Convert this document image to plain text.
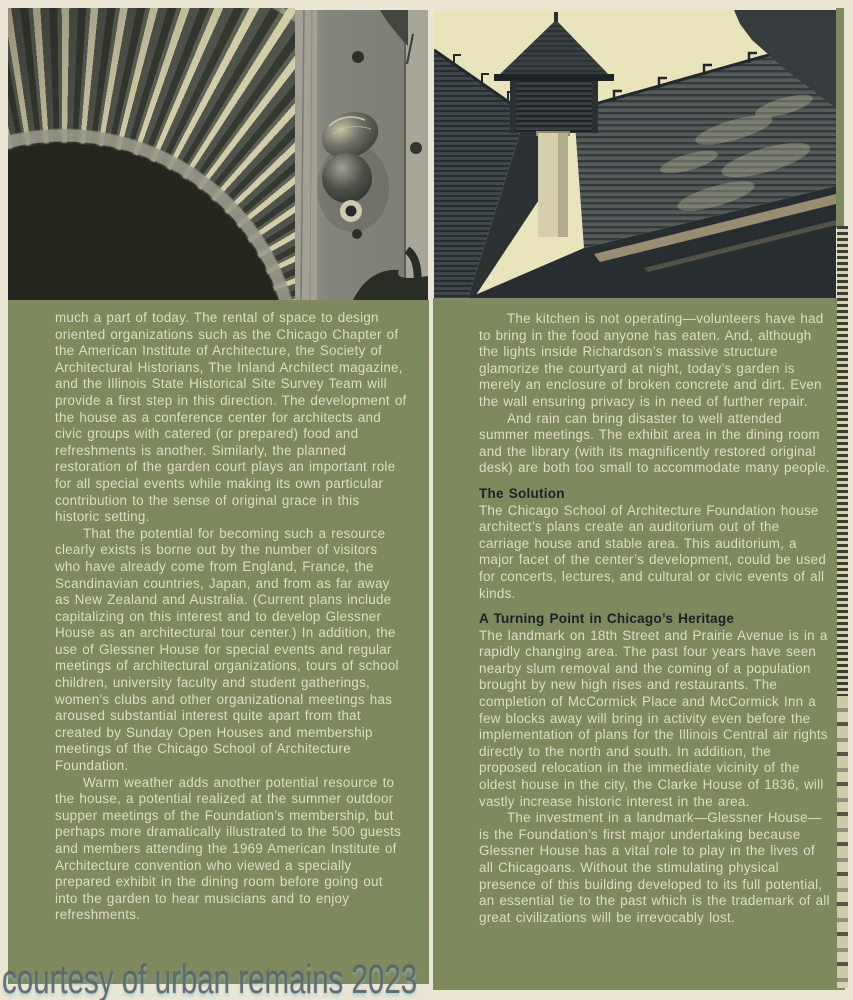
much a part of today. The rental of space to design oriented organizations such as the Chicago Chapter of the American Institute of Architecture, the Society of Architectural Historians, The Inland Architect magazine, and the Illinois State Historical Site Survey Team will provide a first step in this direction. The development of the house as a conference center for architects and civic groups with catered (or prepared) food and refreshments is another. Similarly, the planned restoration of the garden court plays an important role for all special events while making its own particular contribution to the sense of original grace in this historic setting.

That the potential for becoming such a resource clearly exists is borne out by the number of visitors who have already come from England, France, the Scandinavian countries, Japan, and from as far away as New Zealand and Australia. (Current plans include capitalizing on this interest and to develop Glessner House as an architectural tour center.) In addition, the use of Glessner House for special events and regular meetings of architectural organizations, tours of school children, university faculty and student gatherings, women’s clubs and other organizational meetings has aroused substantial interest quite apart from that created by Sunday Open Houses and membership meetings of the Chicago School of Architecture Foundation.

Warm weather adds another potential resource to the house, a potential realized at the summer outdoor supper meetings of the Foundation’s membership, but perhaps more dramatically illustrated to the 500 guests and members attending the 1969 American Institute of Architecture convention who viewed a specially prepared exhibit in the dining room before going out into the garden to hear musicians and to enjoy refreshments.

The kitchen is not operating—volunteers have had to bring in the food anyone has eaten. And, although the lights inside Richardson’s massive structure glamorize the courtyard at night, today’s garden is merely an enclosure of broken concrete and dirt. Even the wall ensuring privacy is in need of further repair.

And rain can bring disaster to well attended summer meetings. The exhibit area in the dining room and the library (with its magnificently restored original desk) are both too small to accommodate many people.

The Solution

The Chicago School of Architecture Foundation house architect’s plans create an auditorium out of the carriage house and stable area. This auditorium, a major facet of the center’s development, could be used for concerts, lectures, and cultural or civic events of all kinds.

A Turning Point in Chicago’s Heritage

The landmark on 18th Street and Prairie Avenue is in a rapidly changing area. The past four years have seen nearby slum removal and the coming of a population brought by new high rises and restaurants. The completion of McCormick Place and McCormick Inn a few blocks away will bring in activity even before the implementation of plans for the Illinois Central air rights directly to the north and south. In addition, the proposed relocation in the immediate vicinity of the oldest house in the city, the Clarke House of 1836, will vastly increase historic interest in the area.

The investment in a landmark—Glessner House—is the Foundation’s first major undertaking because Glessner House has a vital role to play in the lives of all Chicagoans. Without the stimulating physical presence of this building developed to its full potential, an essential tie to the past which is the trademark of all great civilizations will be irrevocably lost.

courtesy of urban remains 2023
